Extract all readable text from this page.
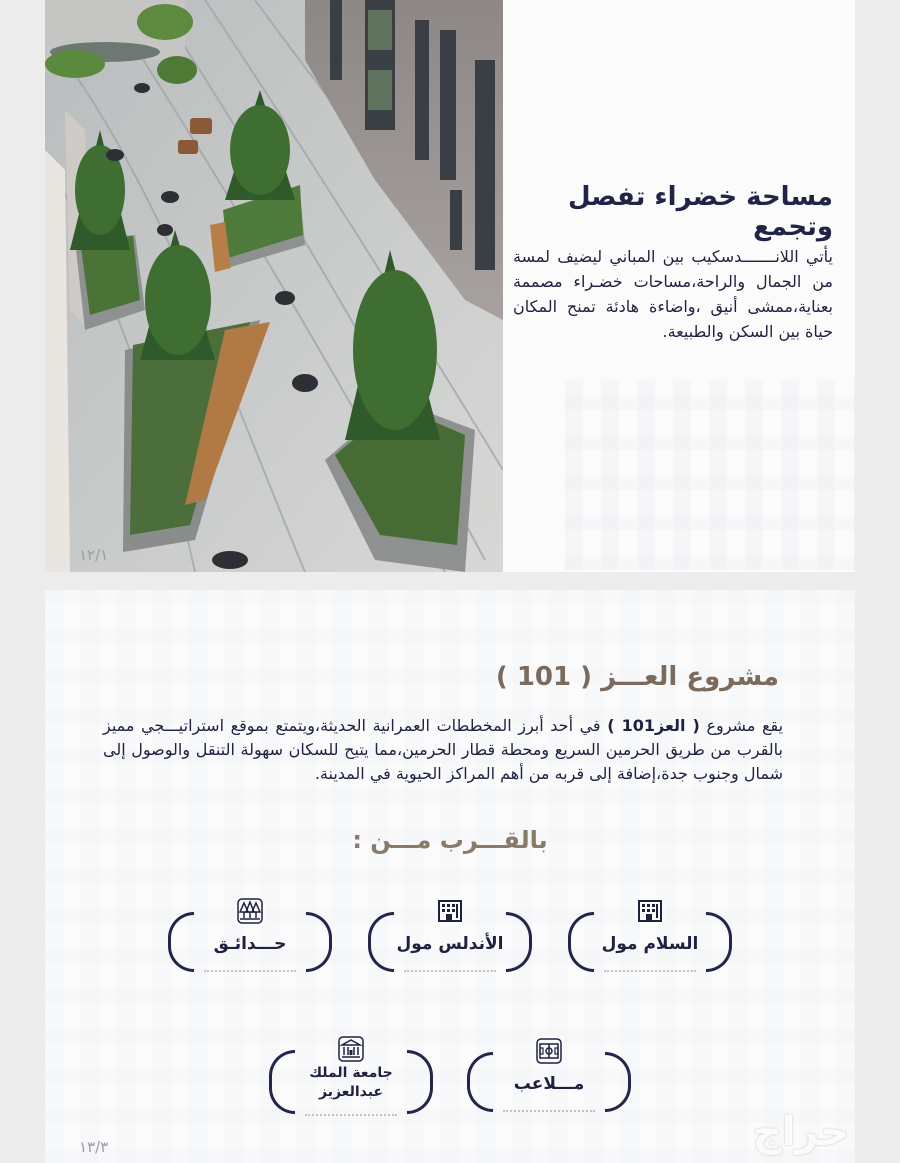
١٢/١
مساحة خضراء تفصل وتجمع

يأتي اللانـــــــدسكيب بين المباني ليضيف لمسة من الجمال والراحة،مساحات خضـراء مصممة بعناية،ممشى أنيق ،واضاءة هادئة تمنح المكان حياة بين السكن والطبيعة.

مشروع العـــز ( 101 )

يقع مشروع ( العز101 ) في أحد أبرز المخططات العمرانية الحديثة،ويتمتع بموقع استراتيـــجي مميز بالقرب من طريق الحرمين السريع ومحطة قطار الحرمين،مما يتيح للسكان سهولة التنقل والوصول إلى شمال وجنوب جدة،إضافة إلى قربه من أهم المراكز الحيوية في المدينة.

بالقـــرب مـــن :
السلام مول
الأندلس مول
حـــدائـق
مـــلاعب
جامعة الملك عبدالعزيز
١٣/٣	حراج
